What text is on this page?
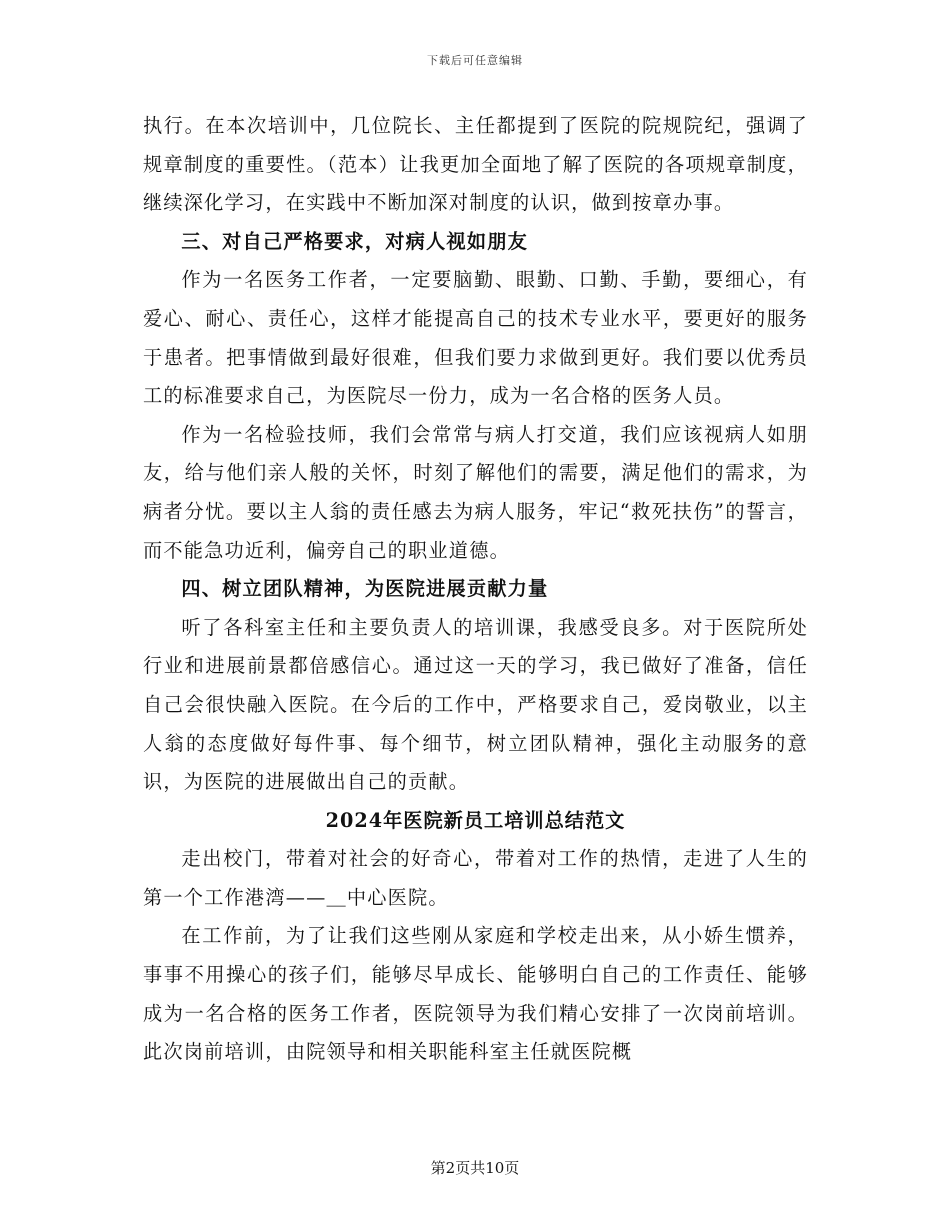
下载后可任意编辑

执行。在本次培训中，几位院长、主任都提到了医院的院规院纪，强调了规章制度的重要性。（范本）让我更加全面地了解了医院的各项规章制度，继续深化学习，在实践中不断加深对制度的认识，做到按章办事。

三、对自己严格要求，对病人视如朋友

作为一名医务工作者，一定要脑勤、眼勤、口勤、手勤，要细心，有爱心、耐心、责任心，这样才能提高自己的技术专业水平，要更好的服务于患者。把事情做到最好很难，但我们要力求做到更好。我们要以优秀员工的标准要求自己，为医院尽一份力，成为一名合格的医务人员。

作为一名检验技师，我们会常常与病人打交道，我们应该视病人如朋友，给与他们亲人般的关怀，时刻了解他们的需要，满足他们的需求，为病者分忧。要以主人翁的责任感去为病人服务，牢记“救死扶伤”的誓言，而不能急功近利，偏旁自己的职业道德。

四、树立团队精神，为医院进展贡献力量

听了各科室主任和主要负责人的培训课，我感受良多。对于医院所处行业和进展前景都倍感信心。通过这一天的学习，我已做好了准备，信任自己会很快融入医院。在今后的工作中，严格要求自己，爱岗敬业，以主人翁的态度做好每件事、每个细节，树立团队精神，强化主动服务的意识，为医院的进展做出自己的贡献。

2024年医院新员工培训总结范文

走出校门，带着对社会的好奇心，带着对工作的热情，走进了人生的第一个工作港湾——＿中心医院。

在工作前，为了让我们这些刚从家庭和学校走出来，从小娇生惯养，事事不用操心的孩子们，能够尽早成长、能够明白自己的工作责任、能够成为一名合格的医务工作者，医院领导为我们精心安排了一次岗前培训。此次岗前培训，由院领导和相关职能科室主任就医院概

第2页共10页
